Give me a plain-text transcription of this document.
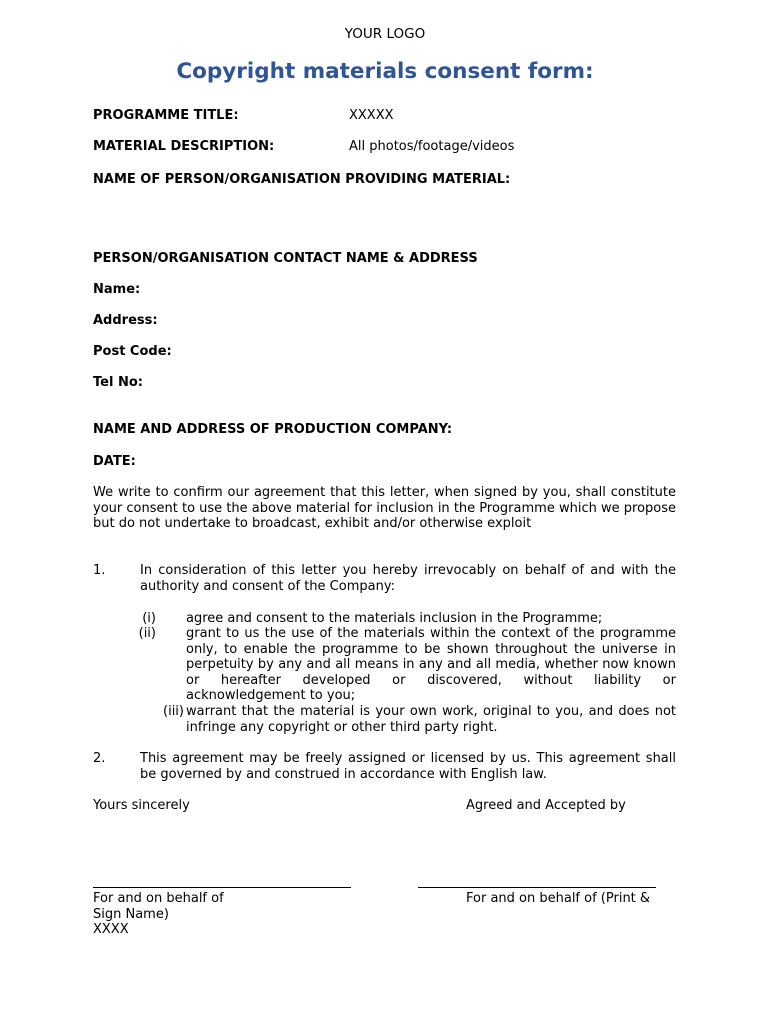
YOUR LOGO
Copyright materials consent form:
PROGRAMME TITLE:	XXXXX
MATERIAL DESCRIPTION:	All photos/footage/videos
NAME OF PERSON/ORGANISATION PROVIDING MATERIAL:
PERSON/ORGANISATION CONTACT NAME & ADDRESS
Name:
Address:
Post Code:
Tel No:
NAME AND ADDRESS OF PRODUCTION COMPANY:
DATE:
We write to confirm our agreement that this letter, when signed by you, shall constitute your consent to use the above material for inclusion in the Programme which we propose but do not undertake to broadcast, exhibit and/or otherwise exploit
1.	In consideration of this letter you hereby irrevocably on behalf of and with the authority and consent of the Company:
(i) agree and consent to the materials inclusion in the Programme;
(ii) grant to us the use of the materials within the context of the programme only, to enable the programme to be shown throughout the universe in perpetuity by any and all means in any and all media, whether now known or hereafter developed or discovered, without liability or acknowledgement to you;
(iii) warrant that the material is your own work, original to you, and does not infringe any copyright or other third party right.
2.	This agreement may be freely assigned or licensed by us. This agreement shall be governed by and construed in accordance with English law.
Yours sincerely	Agreed and Accepted by
For and on behalf of	For and on behalf of (Print &
Sign Name)
XXXX
